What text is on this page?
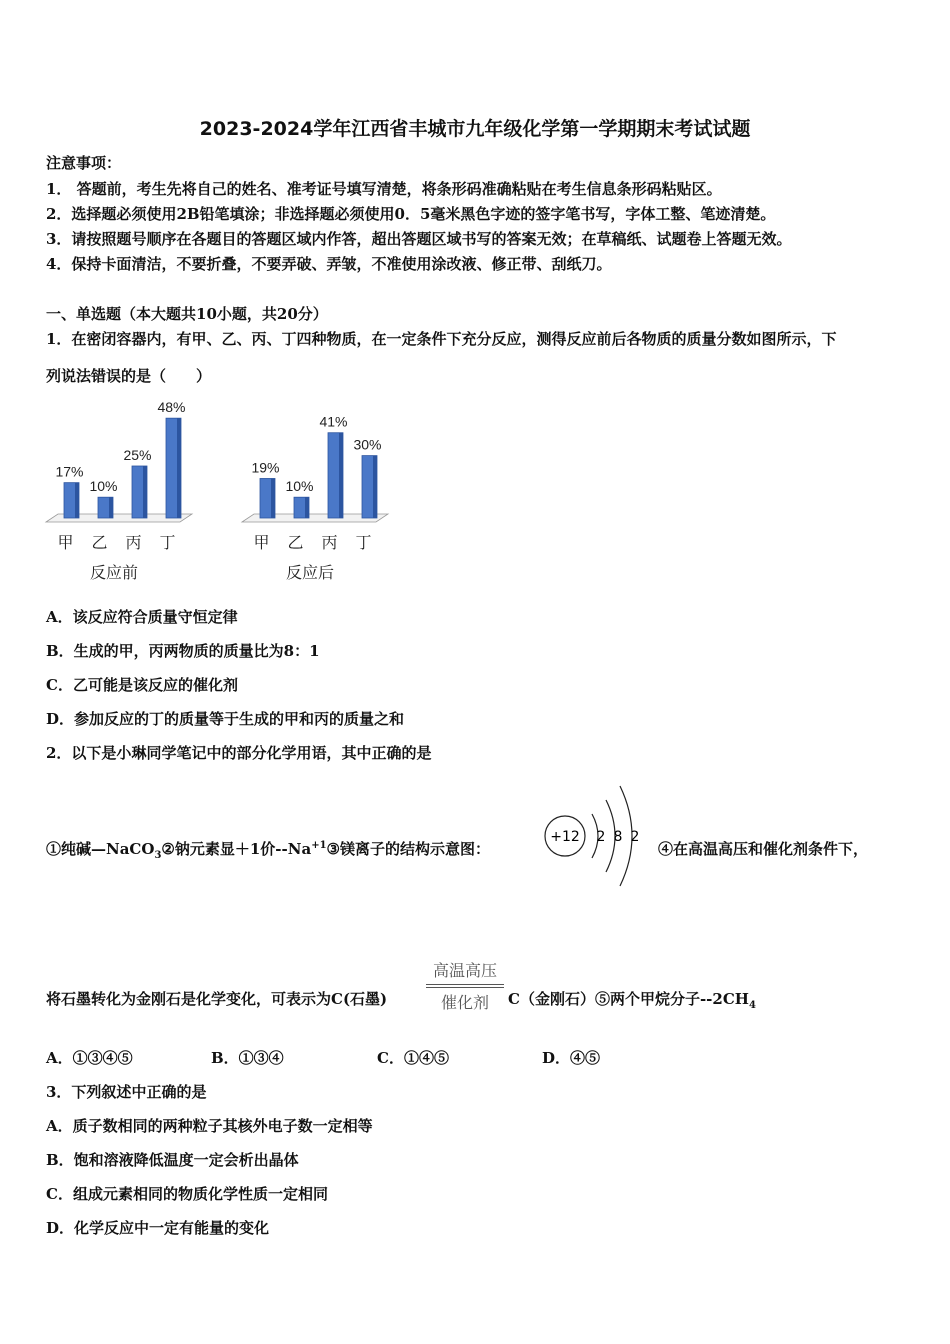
2023-2024学年江西省丰城市九年级化学第一学期期末考试试题
注意事项：
1． 答题前，考生先将自己的姓名、准考证号填写清楚，将条形码准确粘贴在考生信息条形码粘贴区。
2．选择题必须使用2B铅笔填涂；非选择题必须使用0．5毫米黑色字迹的签字笔书写，字体工整、笔迹清楚。
3．请按照题号顺序在各题目的答题区域内作答，超出答题区域书写的答案无效；在草稿纸、试题卷上答题无效。
4．保持卡面清洁，不要折叠，不要弄破、弄皱，不准使用涂改液、修正带、刮纸刀。
一、单选题（本大题共10小题，共20分）
1．在密闭容器内，有甲、乙、丙、丁四种物质，在一定条件下充分反应，测得反应前后各物质的质量分数如图所示，下
列说法错误的是（　　）
17%
甲
10%
乙
25%
丙
48%
丁
反应前
19%
甲
10%
乙
41%
丙
30%
丁
反应后
A．该反应符合质量守恒定律
B．生成的甲，丙两物质的质量比为8：1
C．乙可能是该反应的催化剂
D．参加反应的丁的质量等于生成的甲和丙的质量之和
2．以下是小琳同学笔记中的部分化学用语，其中正确的是
①纯碱—NaCO$_3$②钠元素显＋1价$--Na^{+1}③$镁离子的结构示意图：
+12 2 8 2
④在高温高压和催化剂条件下，
将石墨转化为金刚石是化学变化，可表示为C(石墨)
高温高压
催化剂	C（金刚石）⑤两个甲烷分子$--2CH_4$
A．①③④⑤	B．①③④	C．①④⑤	D．④⑤
3．下列叙述中正确的是
A．质子数相同的两种粒子其核外电子数一定相等
B．饱和溶液降低温度一定会析出晶体
C．组成元素相同的物质化学性质一定相同
D．化学反应中一定有能量的变化
